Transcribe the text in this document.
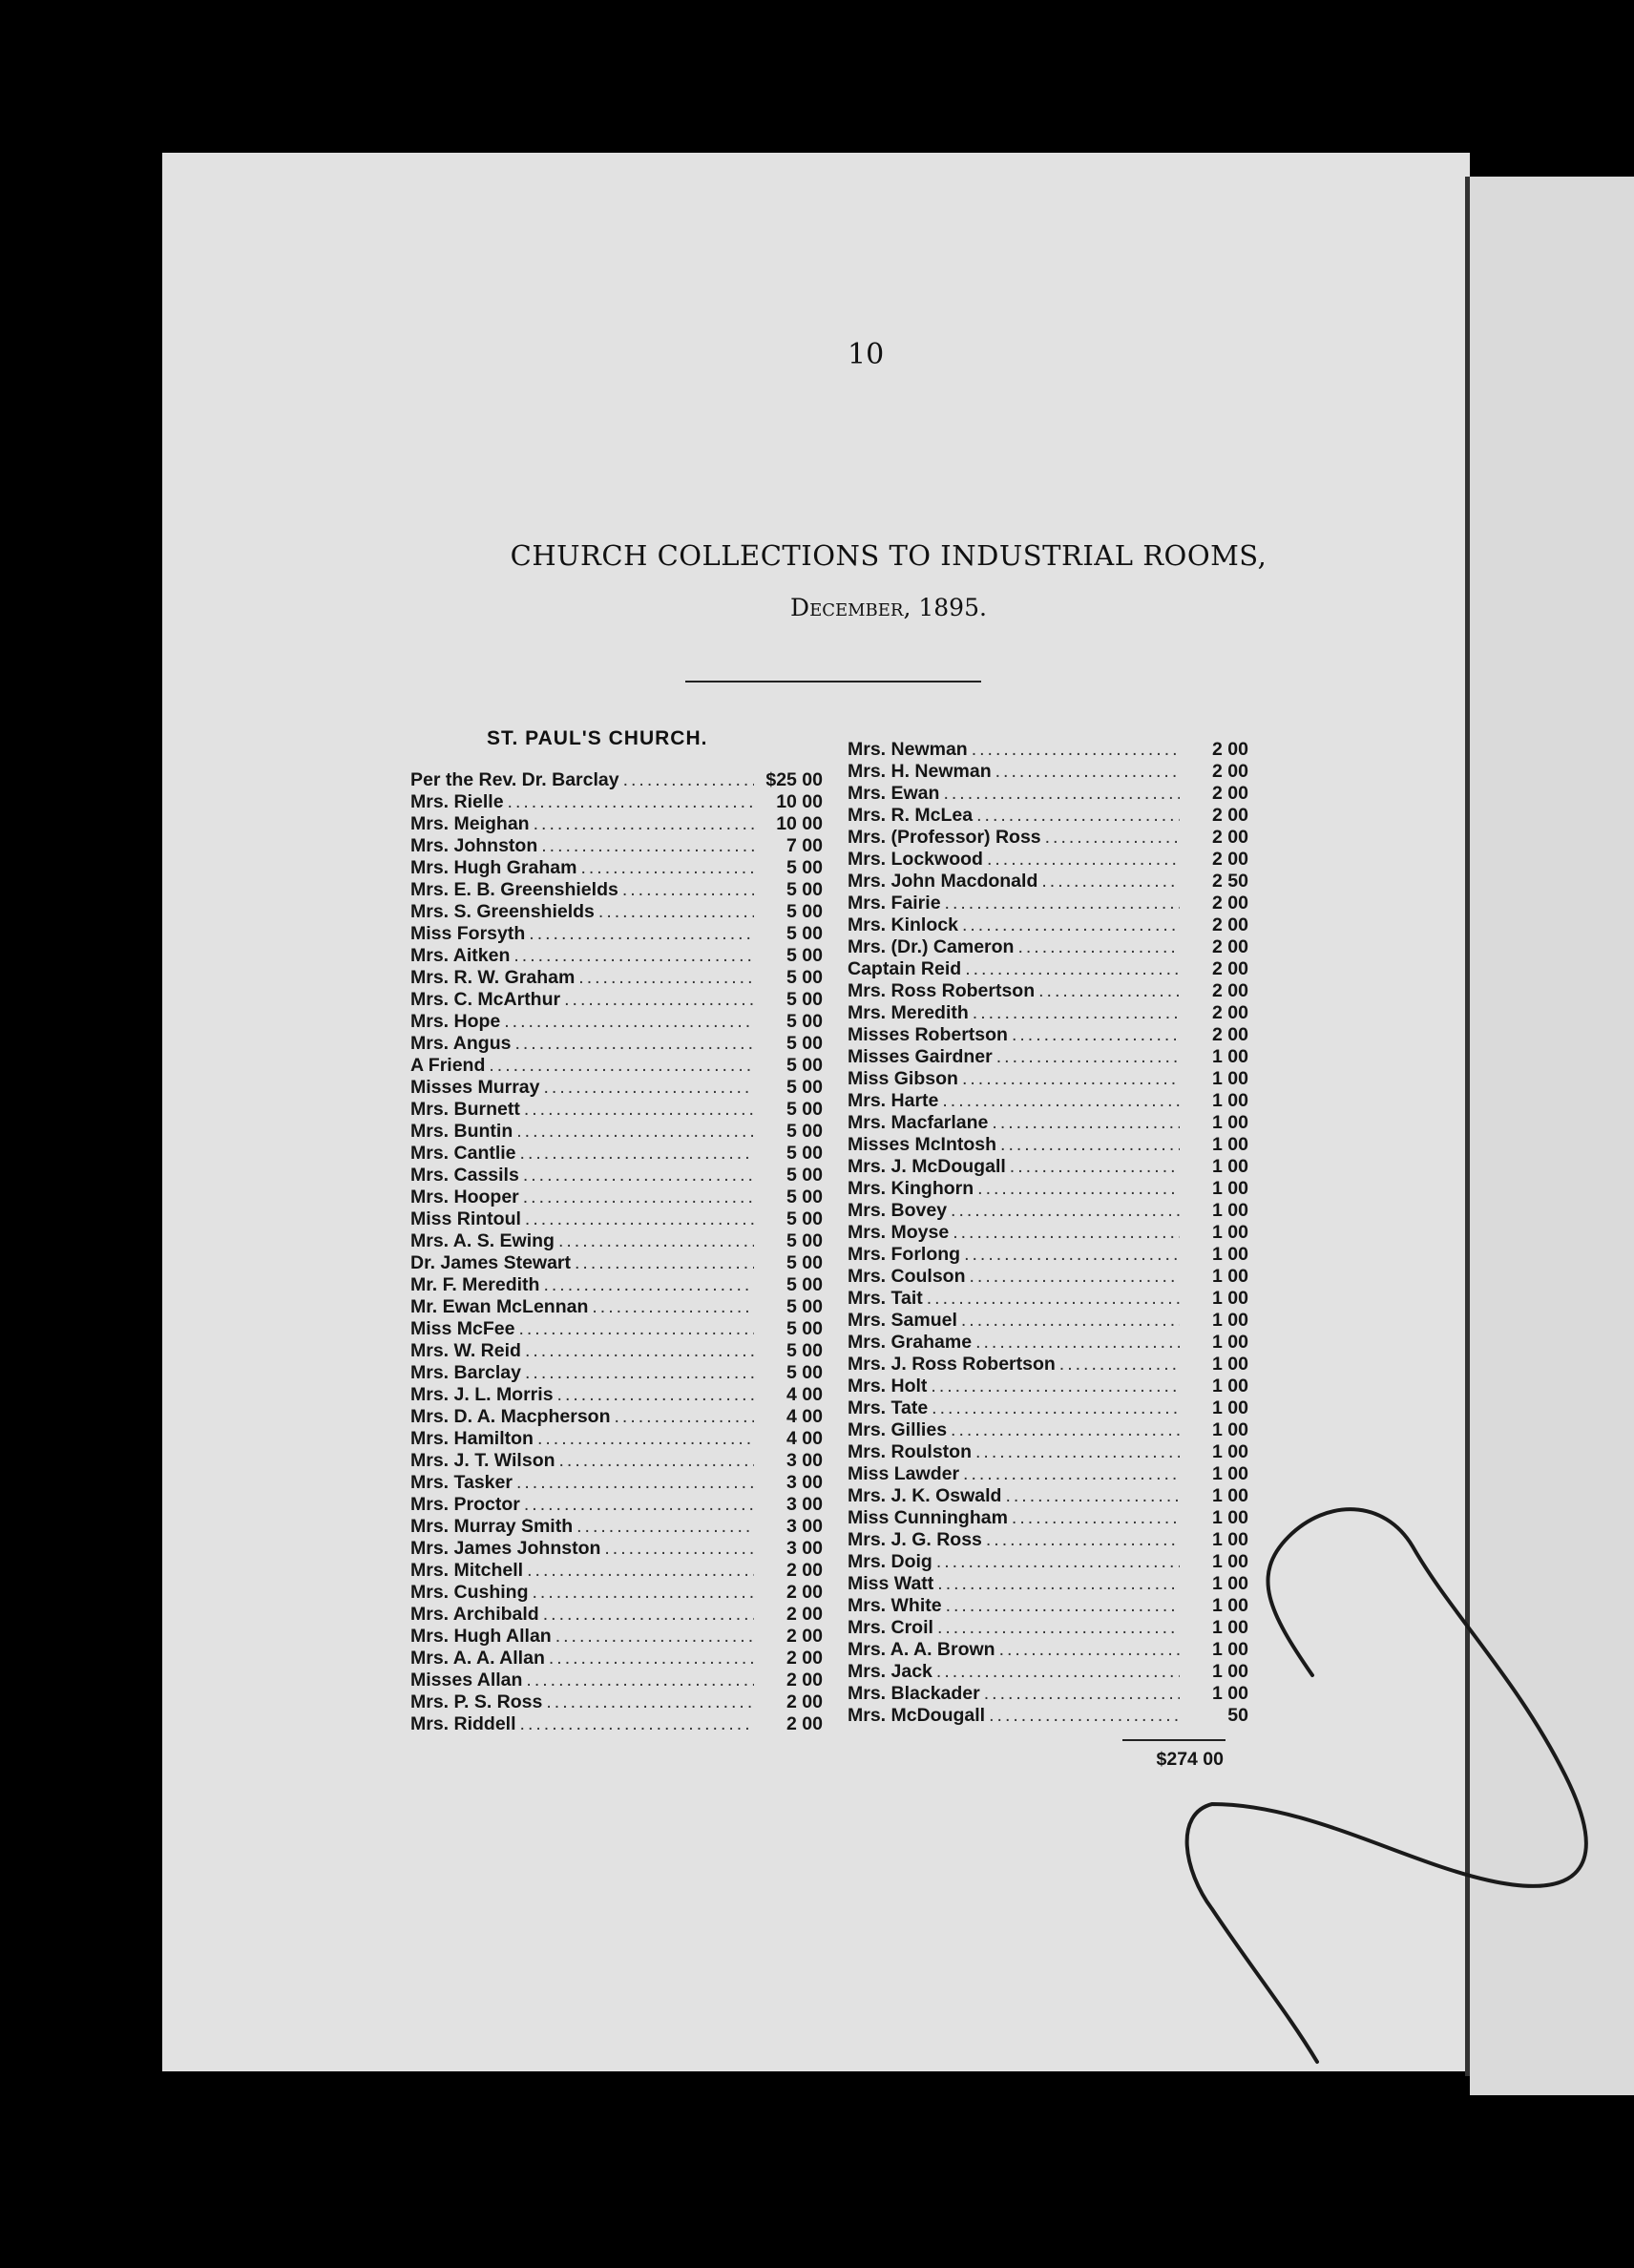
10
CHURCH COLLECTIONS TO INDUSTRIAL ROOMS,
December, 1895.
ST. PAUL'S CHURCH.
Per the Rev. Dr. Barclay .....	$25 00
Mrs. Rielle .....	10 00
Mrs. Meighan .....	10 00
Mrs. Johnston .....	7 00
Mrs. Hugh Graham .....	5 00
Mrs. E. B. Greenshields .....	5 00
Mrs. S. Greenshields .....	5 00
Miss Forsyth .....	5 00
Mrs. Aitken .....	5 00
Mrs. R. W. Graham .....	5 00
Mrs. C. McArthur .....	5 00
Mrs. Hope .....	5 00
Mrs. Angus .....	5 00
A Friend .....	5 00
Misses Murray .....	5 00
Mrs. Burnett .....	5 00
Mrs. Buntin .....	5 00
Mrs. Cantlie .....	5 00
Mrs. Cassils .....	5 00
Mrs. Hooper .....	5 00
Miss Rintoul .....	5 00
Mrs. A. S. Ewing .....	5 00
Dr. James Stewart .....	5 00
Mr. F. Meredith .....	5 00
Mr. Ewan McLennan .....	5 00
Miss McFee .....	5 00
Mrs. W. Reid .....	5 00
Mrs. Barclay .....	5 00
Mrs. J. L. Morris .....	4 00
Mrs. D. A. Macpherson .....	4 00
Mrs. Hamilton .....	4 00
Mrs. J. T. Wilson .....	3 00
Mrs. Tasker .....	3 00
Mrs. Proctor .....	3 00
Mrs. Murray Smith .....	3 00
Mrs. James Johnston .....	3 00
Mrs. Mitchell .....	2 00
Mrs. Cushing .....	2 00
Mrs. Archibald .....	2 00
Mrs. Hugh Allan .....	2 00
Mrs. A. A. Allan .....	2 00
Misses Allan .....	2 00
Mrs. P. S. Ross .....	2 00
Mrs. Riddell .....	2 00
Mrs. Newman .....	2 00
Mrs. H. Newman .....	2 00
Mrs. Ewan .....	2 00
Mrs. R. McLea .....	2 00
Mrs. (Professor) Ross .....	2 00
Mrs. Lockwood .....	2 00
Mrs. John Macdonald .....	2 50
Mrs. Fairie .....	2 00
Mrs. Kinlock .....	2 00
Mrs. (Dr.) Cameron .....	2 00
Captain Reid .....	2 00
Mrs. Ross Robertson .....	2 00
Mrs. Meredith .....	2 00
Misses Robertson .....	2 00
Misses Gairdner .....	1 00
Miss Gibson .....	1 00
Mrs. Harte .....	1 00
Mrs. Macfarlane .....	1 00
Misses McIntosh .....	1 00
Mrs. J. McDougall .....	1 00
Mrs. Kinghorn .....	1 00
Mrs. Bovey .....	1 00
Mrs. Moyse .....	1 00
Mrs. Forlong .....	1 00
Mrs. Coulson .....	1 00
Mrs. Tait .....	1 00
Mrs. Samuel .....	1 00
Mrs. Grahame .....	1 00
Mrs. J. Ross Robertson .....	1 00
Mrs. Holt .....	1 00
Mrs. Tate .....	1 00
Mrs. Gillies .....	1 00
Mrs. Roulston .....	1 00
Miss Lawder .....	1 00
Mrs. J. K. Oswald .....	1 00
Miss Cunningham .....	1 00
Mrs. J. G. Ross .....	1 00
Mrs. Doig .....	1 00
Miss Watt .....	1 00
Mrs. White .....	1 00
Mrs. Croil .....	1 00
Mrs. A. A. Brown .....	1 00
Mrs. Jack .....	1 00
Mrs. Blackader .....	1 00
Mrs. McDougall .....	50
$274 00
